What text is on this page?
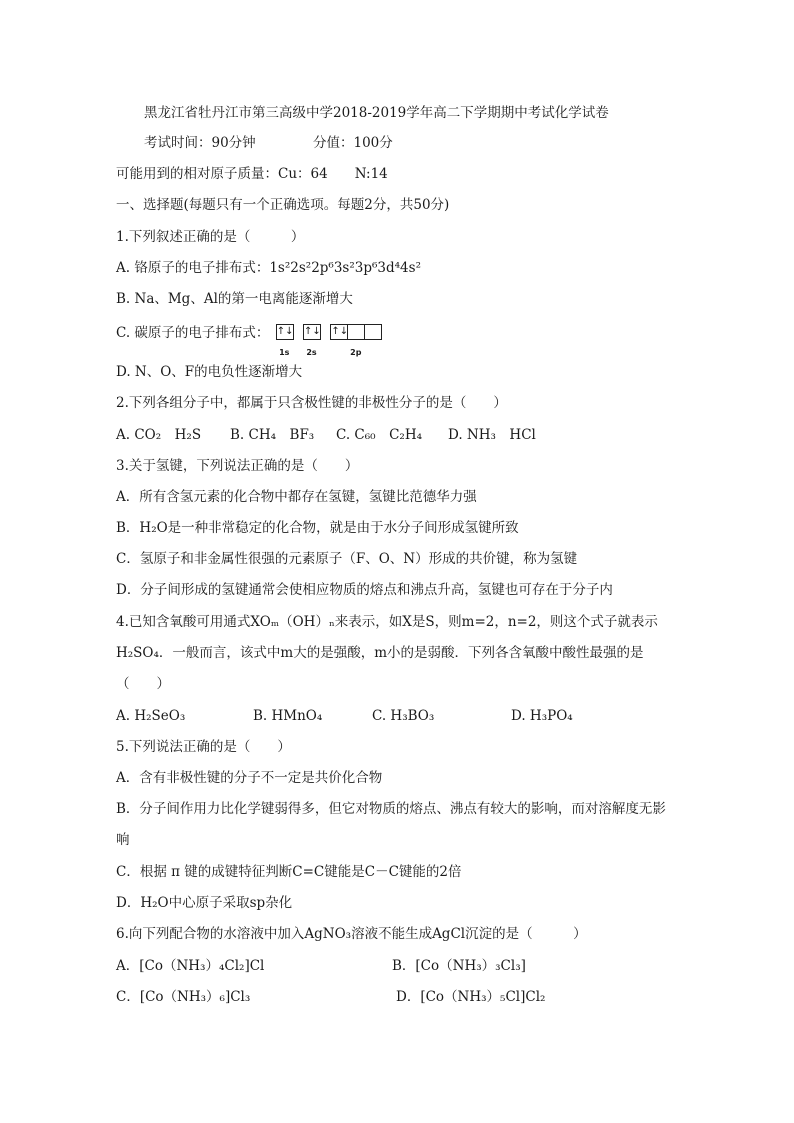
黑龙江省牡丹江市第三高级中学2018-2019学年高二下学期期中考试化学试卷
考试时间：90分钟	分值：100分
可能用到的相对原子质量：Cu：64　　N:14
一、选择题(每题只有一个正确选项。每题2分，共50分)
1.下列叙述正确的是（　　　）
A. 铬原子的电子排布式：1s²2s²2p⁶3s²3p⁶3d⁴4s²
B. Na、Mg、Al的第一电离能逐渐增大
C. 碳原子的电子排布式： ↑↓
1s
↑↓
2s
↑↓
2p
D. N、O、F的电负性逐渐增大
2.下列各组分子中，都属于只含极性键的非极性分子的是（　　）
A. CO₂　H₂S B. CH₄　BF₃ C. C₆₀　C₂H₄ D. NH₃　HCl
3.关于氢键，下列说法正确的是（　　）
A．所有含氢元素的化合物中都存在氢键，氢键比范德华力强
B．H₂O是一种非常稳定的化合物，就是由于水分子间形成氢键所致
C．氢原子和非金属性很强的元素原子（F、O、N）形成的共价键，称为氢键
D．分子间形成的氢键通常会使相应物质的熔点和沸点升高，氢键也可存在于分子内
4.已知含氧酸可用通式XOₘ（OH）ₙ来表示，如X是S，则m=2，n=2，则这个式子就表示
H₂SO₄．一般而言，该式中m大的是强酸，m小的是弱酸．下列各含氧酸中酸性最强的是
（　　）
A. H₂SeO₃	B. HMnO₄	C. H₃BO₃	D. H₃PO₄
5.下列说法正确的是（　　）
A．含有非极性键的分子不一定是共价化合物
B．分子间作用力比化学键弱得多，但它对物质的熔点、沸点有较大的影响，而对溶解度无影
响
C．根据 π 键的成键特征判断C=C键能是C－C键能的2倍
D．H₂O中心原子采取sp杂化
6.向下列配合物的水溶液中加入AgNO₃溶液不能生成AgCl沉淀的是（　　　）
A．[Co（NH₃）₄Cl₂]Cl	B．[Co（NH₃）₃Cl₃]
C．[Co（NH₃）₆]Cl₃	D．[Co（NH₃）₅Cl]Cl₂
